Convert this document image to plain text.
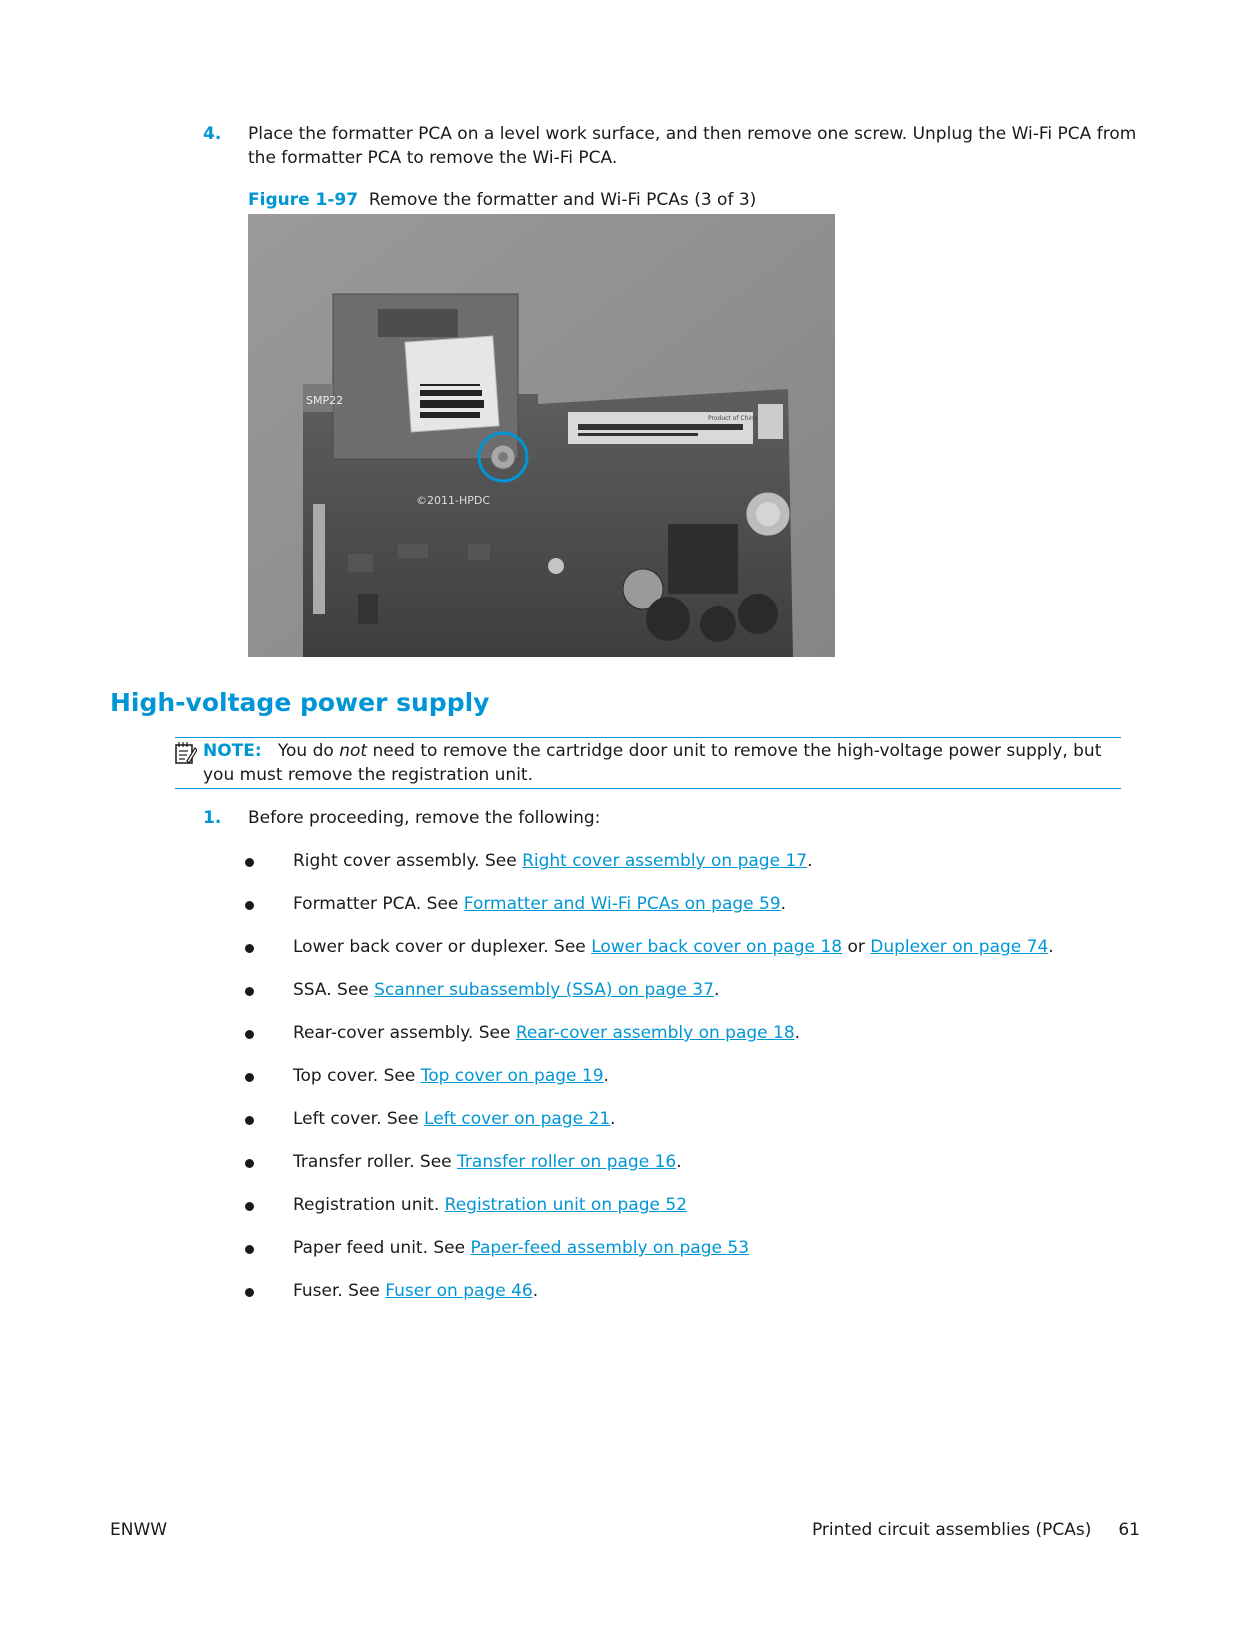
4. Place the formatter PCA on a level work surface, and then remove one screw. Unplug the Wi-Fi PCA from
the formatter PCA to remove the Wi-Fi PCA.
Figure 1-97 Remove the formatter and Wi-Fi PCAs (3 of 3)
Product of China
SMP22
©2011-HPDC
High-voltage power supply
NOTE: You do not need to remove the cartridge door unit to remove the high-voltage power supply, but
you must remove the registration unit.
1. Before proceeding, remove the following:
Right cover assembly. See Right cover assembly on page 17.
Formatter PCA. See Formatter and Wi-Fi PCAs on page 59.
Lower back cover or duplexer. See Lower back cover on page 18 or Duplexer on page 74.
SSA. See Scanner subassembly (SSA) on page 37.
Rear-cover assembly. See Rear-cover assembly on page 18.
Top cover. See Top cover on page 19.
Left cover. See Left cover on page 21.
Transfer roller. See Transfer roller on page 16.
Registration unit. Registration unit on page 52
Paper feed unit. See Paper-feed assembly on page 53
Fuser. See Fuser on page 46.
ENWW	Printed circuit assemblies (PCAs) 61
